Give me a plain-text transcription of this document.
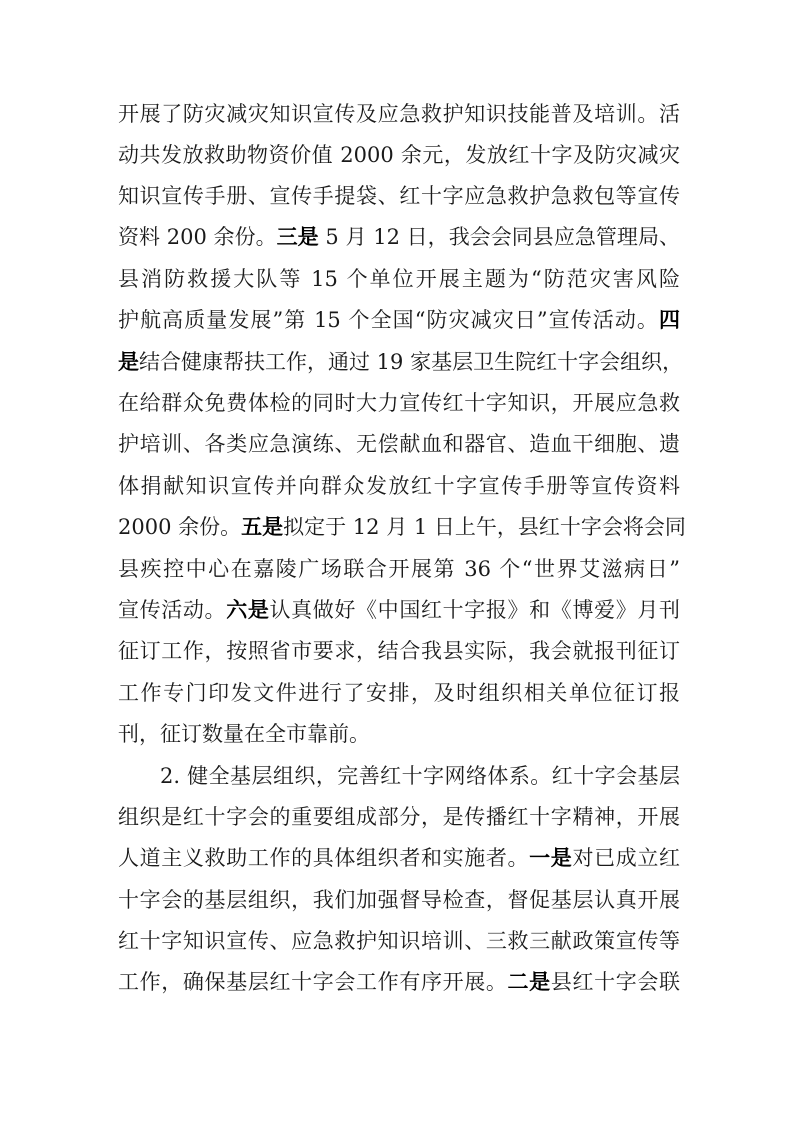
开展了防灾减灾知识宣传及应急救护知识技能普及培训。活
动共发放救助物资价值 2000 余元，发放红十字及防灾减灾
知识宣传手册、宣传手提袋、红十字应急救护急救包等宣传
资料 200 余份。三是 5 月 12 日，我会会同县应急管理局、
县消防救援大队等 15 个单位开展主题为“防范灾害风险
护航高质量发展”第 15 个全国“防灾减灾日”宣传活动。四
是结合健康帮扶工作，通过 19 家基层卫生院红十字会组织，
在给群众免费体检的同时大力宣传红十字知识，开展应急救
护培训、各类应急演练、无偿献血和器官、造血干细胞、遗
体捐献知识宣传并向群众发放红十字宣传手册等宣传资料
2000 余份。五是拟定于 12 月 1 日上午，县红十字会将会同
县疾控中心在嘉陵广场联合开展第 36 个“世界艾滋病日”
宣传活动。六是认真做好《中国红十字报》和《博爱》月刊
征订工作，按照省市要求，结合我县实际，我会就报刊征订
工作专门印发文件进行了安排，及时组织相关单位征订报
刊，征订数量在全市靠前。
2. 健全基层组织，完善红十字网络体系。红十字会基层
组织是红十字会的重要组成部分，是传播红十字精神，开展
人道主义救助工作的具体组织者和实施者。一是对已成立红
十字会的基层组织，我们加强督导检查，督促基层认真开展
红十字知识宣传、应急救护知识培训、三救三献政策宣传等
工作，确保基层红十字会工作有序开展。二是县红十字会联
